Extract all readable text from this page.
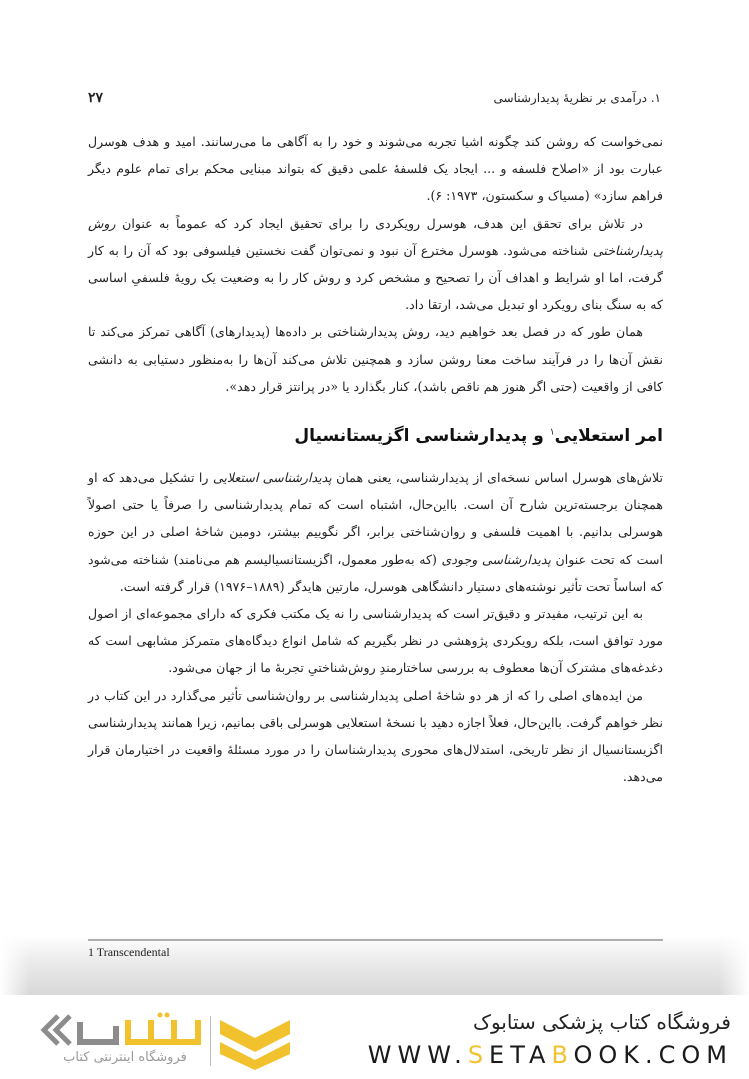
۱. درآمدی بر نظریهٔ پدیدارشناسی
۲۷

نمی‌خواست که روشن کند چگونه اشیا تجربه می‌شوند و خود را به آگاهی ما می‌رسانند. امید و هدف هوسرل عبارت بود از «اصلاح فلسفه و ... ایجاد یک فلسفهٔ علمی دقیق که بتواند مبنایی محکم برای تمام علوم دیگر فراهم سازد» (مسیاک و سکستون، ۱۹۷۳: ۶).

در تلاش برای تحقق این هدف، هوسرل رویکردی را برای تحقیق ایجاد کرد که عموماً به عنوان روش پدیدارشناختی شناخته می‌شود. هوسرل مخترع آن نبود و نمی‌توان گفت نخستین فیلسوفی بود که آن را به کار گرفت، اما او شرایط و اهداف آن را تصحیح و مشخص کرد و روش کار را به وضعیت یک رویهٔ فلسفیِ اساسی که به سنگ بنای رویکرد او تبدیل می‌شد، ارتقا داد.

همان طور که در فصل بعد خواهیم دید، روش پدیدارشناختی بر داده‌ها (پدیدارهای) آگاهی تمرکز می‌کند تا نقش آن‌ها را در فرآیند ساخت معنا روشن سازد و همچنین تلاش می‌کند آن‌ها را به‌منظور دستیابی به دانشی کافی از واقعیت (حتی اگر هنوز هم ناقص باشد)، کنار بگذارد یا «در پرانتز قرار دهد».

امر استعلایی$^۱$ و پدیدارشناسی اگزیستانسیال

تلاش‌های هوسرل اساس نسخه‌ای از پدیدارشناسی، یعنی همان پدیدارشناسی استعلایی را تشکیل می‌دهد که او همچنان برجسته‌ترین شارح آن است. بااین‌حال، اشتباه است که تمام پدیدارشناسی را صرفاً یا حتی اصولاً هوسرلی بدانیم. با اهمیت فلسفی و روان‌شناختی برابر، اگر نگوییم بیشتر، دومین شاخهٔ اصلی در این حوزه است که تحت عنوان پدیدارشناسی وجودی (که به‌طور معمول، اگزیستانسیالیسم هم می‌نامند) شناخته می‌شود که اساساً تحت تأثیر نوشته‌های دستیار دانشگاهی هوسرل، مارتین هایدگر (۱۸۸۹–۱۹۷۶) قرار گرفته است.

به این ترتیب، مفیدتر و دقیق‌تر است که پدیدارشناسی را نه یک مکتب فکری که دارای مجموعه‌ای از اصول مورد توافق است، بلکه رویکردی پژوهشی در نظر بگیریم که شامل انواع دیدگاه‌های متمرکز مشابهی است که دغدغه‌های مشترک آن‌ها معطوف به بررسی ساختارمندِ روش‌شناختیِ تجربهٔ ما از جهان می‌شود.

من ایده‌های اصلی را که از هر دو شاخهٔ اصلی پدیدارشناسی بر روان‌شناسی تأثیر می‌گذارد در این کتاب در نظر خواهم گرفت. بااین‌حال، فعلاً اجازه دهید با نسخهٔ استعلایی هوسرلی باقی بمانیم، زیرا همانند پدیدارشناسی اگزیستانسیال از نظر تاریخی، استدلال‌های محوری پدیدارشناسان را در مورد مسئلهٔ واقعیت در اختیارمان قرار می‌دهد.

1 Transcendental
فروشگاه کتاب پزشکی ستابوک
WWW.SETABOOK.COM
فروشگاه اینترنتی کتاب
